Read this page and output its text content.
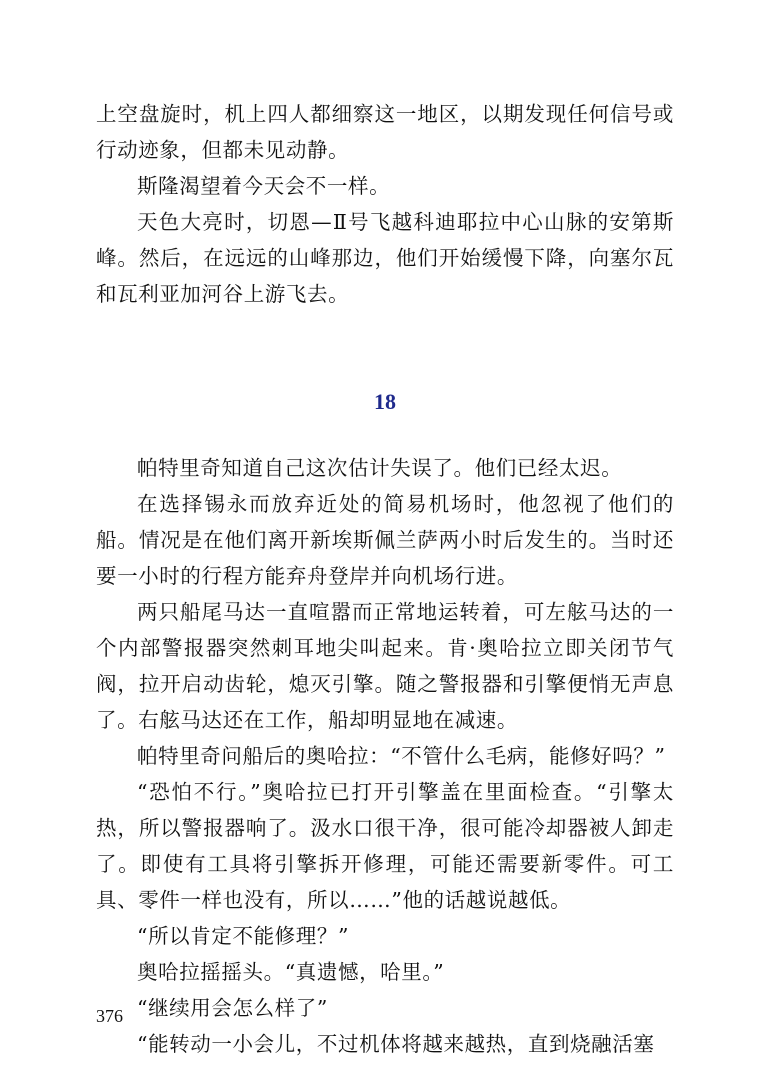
上空盘旋时，机上四人都细察这一地区，以期发现任何信号或行动迹象，但都未见动静。

斯隆渴望着今天会不一样。

天色大亮时，切恩—Ⅱ号飞越科迪耶拉中心山脉的安第斯峰。然后，在远远的山峰那边，他们开始缓慢下降，向塞尔瓦和瓦利亚加河谷上游飞去。

18

帕特里奇知道自己这次估计失误了。他们已经太迟。

在选择锡永而放弃近处的简易机场时，他忽视了他们的船。情况是在他们离开新埃斯佩兰萨两小时后发生的。当时还要一小时的行程方能弃舟登岸并向机场行进。

两只船尾马达一直喧嚣而正常地运转着，可左舷马达的一个内部警报器突然刺耳地尖叫起来。肯·奥哈拉立即关闭节气阀，拉开启动齿轮，熄灭引擎。随之警报器和引擎便悄无声息了。右舷马达还在工作，船却明显地在减速。

帕特里奇问船后的奥哈拉：“不管什么毛病，能修好吗？”

“恐怕不行。”奥哈拉已打开引擎盖在里面检查。“引擎太热，所以警报器响了。汲水口很干净，很可能冷却器被人卸走了。即使有工具将引擎拆开修理，可能还需要新零件。可工具、零件一样也没有，所以……”他的话越说越低。

“所以肯定不能修理？”

奥哈拉摇摇头。“真遗憾，哈里。”

“继续用会怎么样了”

“能转动一小会儿，不过机体将越来越热，直到烧融活塞

376
